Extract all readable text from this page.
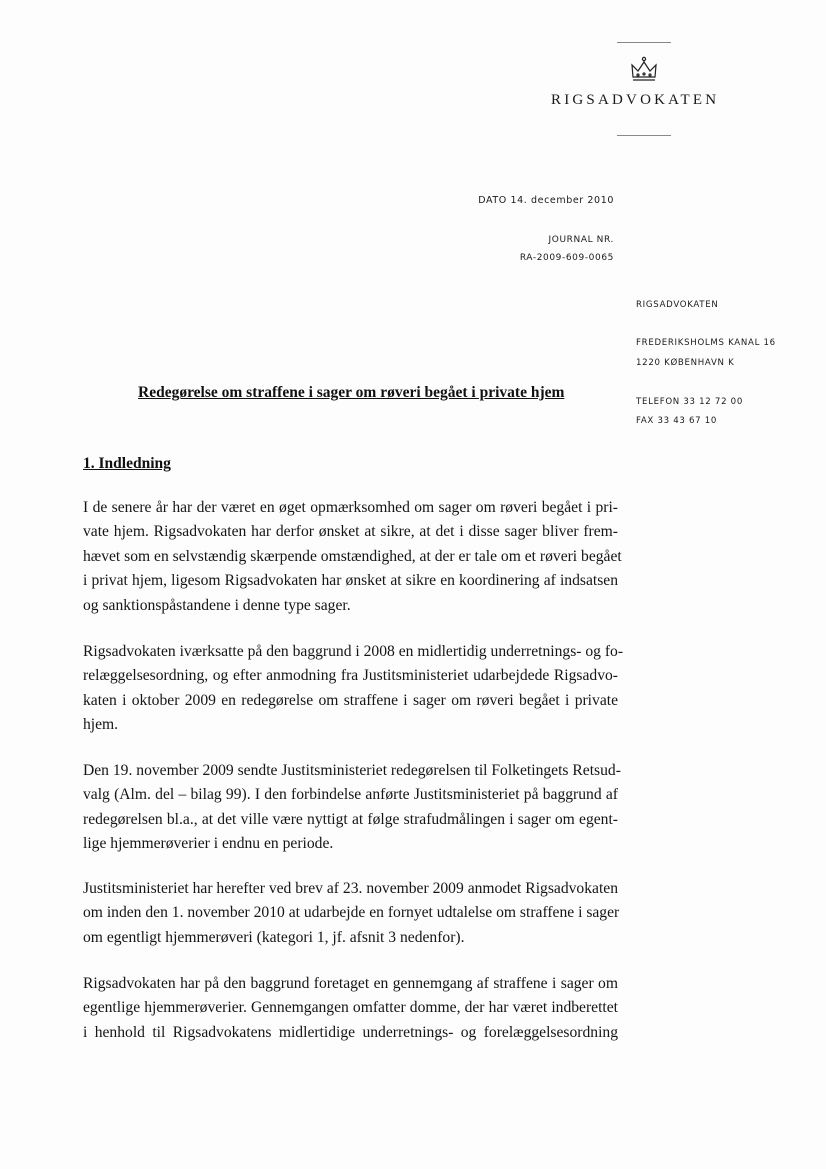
RIGSADVOKATEN
DATO 14. december 2010
JOURNAL NR.
RA-2009-609-0065
RIGSADVOKATEN
FREDERIKSHOLMS KANAL 16
1220 KØBENHAVN K
TELEFON 33 12 72 00
FAX 33 43 67 10
Redegørelse om straffene i sager om røveri begået i private hjem
1. Indledning
I de senere år har der været en øget opmærksomhed om sager om røveri begået i pri-
vate hjem. Rigsadvokaten har derfor ønsket at sikre, at det i disse sager bliver frem-
hævet som en selvstændig skærpende omstændighed, at der er tale om et røveri begået
i privat hjem, ligesom Rigsadvokaten har ønsket at sikre en koordinering af indsatsen
og sanktionspåstandene i denne type sager.
Rigsadvokaten iværksatte på den baggrund i 2008 en midlertidig underretnings- og fo-
relæggelsesordning, og efter anmodning fra Justitsministeriet udarbejdede Rigsadvo-
katen i oktober 2009 en redegørelse om straffene i sager om røveri begået i private
hjem.
Den 19. november 2009 sendte Justitsministeriet redegørelsen til Folketingets Retsud-
valg (Alm. del – bilag 99). I den forbindelse anførte Justitsministeriet på baggrund af
redegørelsen bl.a., at det ville være nyttigt at følge strafudmålingen i sager om egent-
lige hjemmerøverier i endnu en periode.
Justitsministeriet har herefter ved brev af 23. november 2009 anmodet Rigsadvokaten
om inden den 1. november 2010 at udarbejde en fornyet udtalelse om straffene i sager
om egentligt hjemmerøveri (kategori 1, jf. afsnit 3 nedenfor).
Rigsadvokaten har på den baggrund foretaget en gennemgang af straffene i sager om
egentlige hjemmerøverier. Gennemgangen omfatter domme, der har været indberettet
i henhold til Rigsadvokatens midlertidige underretnings- og forelæggelsesordning
